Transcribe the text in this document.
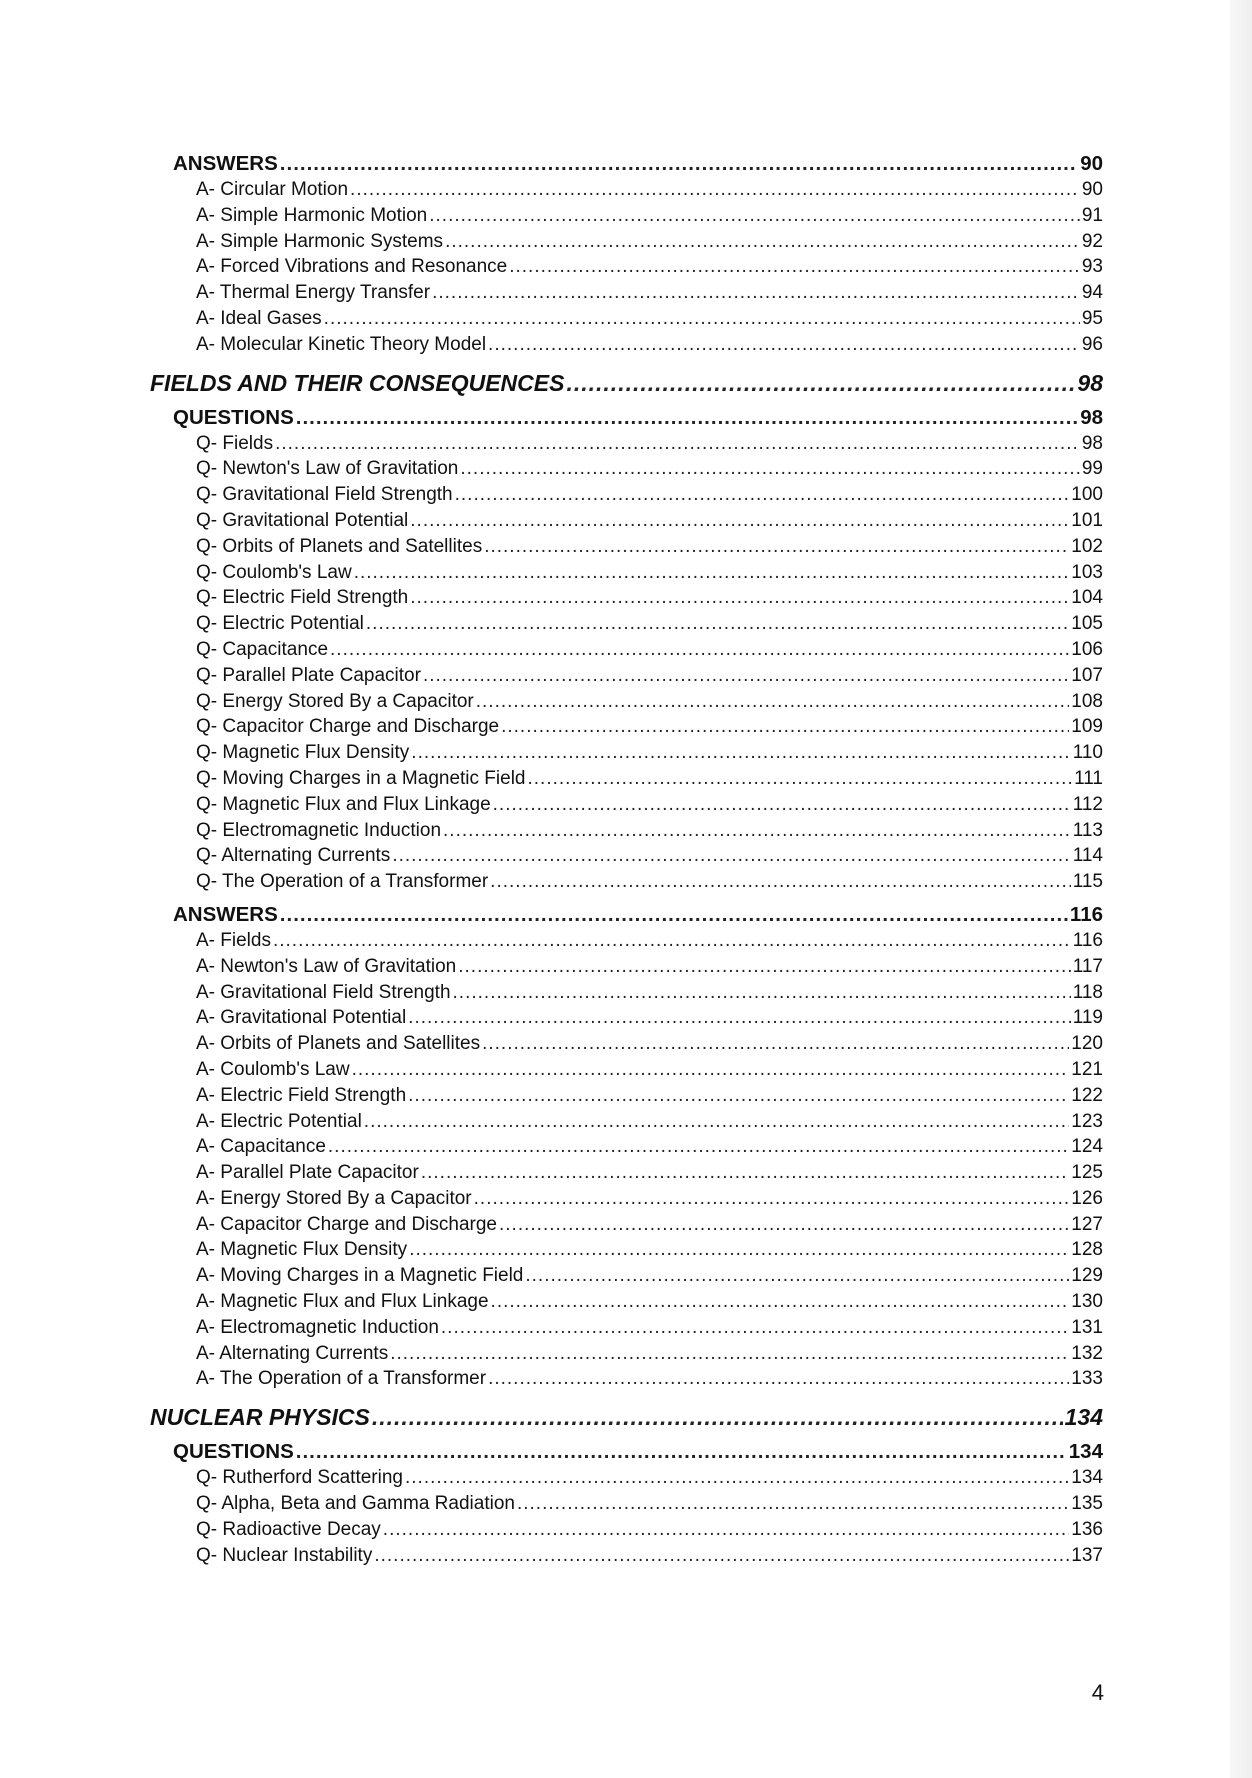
ANSWERS .....	90
A- Circular Motion .....	90
A- Simple Harmonic Motion .....	91
A- Simple Harmonic Systems .....	92
A- Forced Vibrations and Resonance .....	93
A- Thermal Energy Transfer .....	94
A- Ideal Gases .....	95
A- Molecular Kinetic Theory Model .....	96
FIELDS AND THEIR CONSEQUENCES .....	98
QUESTIONS .....	98
Q- Fields .....	98
Q- Newton's Law of Gravitation .....	99
Q- Gravitational Field Strength .....	100
Q- Gravitational Potential .....	101
Q- Orbits of Planets and Satellites .....	102
Q- Coulomb's Law .....	103
Q- Electric Field Strength .....	104
Q- Electric Potential .....	105
Q- Capacitance .....	106
Q- Parallel Plate Capacitor .....	107
Q- Energy Stored By a Capacitor .....	108
Q- Capacitor Charge and Discharge .....	109
Q- Magnetic Flux Density .....	110
Q- Moving Charges in a Magnetic Field .....	111
Q- Magnetic Flux and Flux Linkage .....	112
Q- Electromagnetic Induction .....	113
Q- Alternating Currents .....	114
Q- The Operation of a Transformer .....	115
ANSWERS .....	116
A- Fields .....	116
A- Newton's Law of Gravitation .....	117
A- Gravitational Field Strength .....	118
A- Gravitational Potential .....	119
A- Orbits of Planets and Satellites .....	120
A- Coulomb's Law .....	121
A- Electric Field Strength .....	122
A- Electric Potential .....	123
A- Capacitance .....	124
A- Parallel Plate Capacitor .....	125
A- Energy Stored By a Capacitor .....	126
A- Capacitor Charge and Discharge .....	127
A- Magnetic Flux Density .....	128
A- Moving Charges in a Magnetic Field .....	129
A- Magnetic Flux and Flux Linkage .....	130
A- Electromagnetic Induction .....	131
A- Alternating Currents .....	132
A- The Operation of a Transformer .....	133
NUCLEAR PHYSICS .....	134
QUESTIONS .....	134
Q- Rutherford Scattering .....	134
Q- Alpha, Beta and Gamma Radiation .....	135
Q- Radioactive Decay .....	136
Q- Nuclear Instability .....	137
4
